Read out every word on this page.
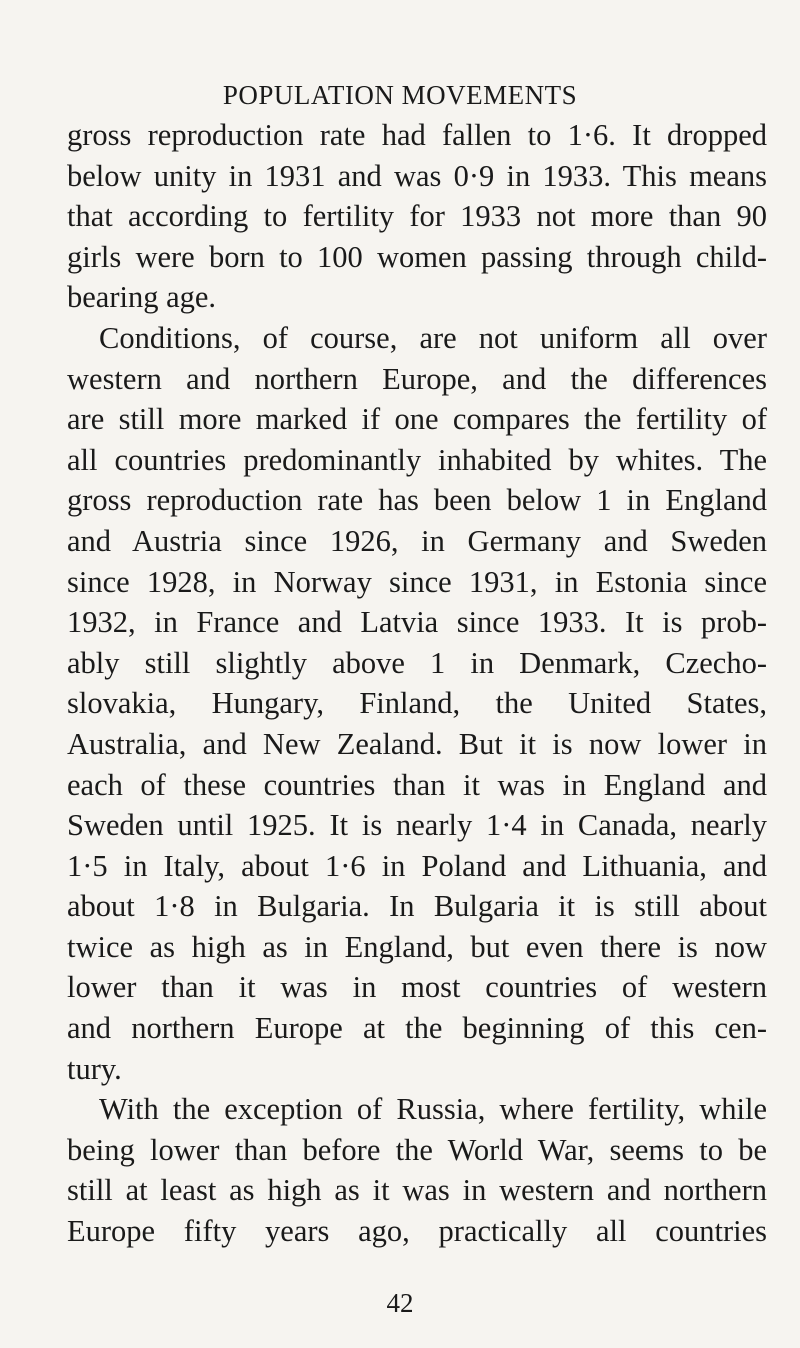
POPULATION MOVEMENTS
gross reproduction rate had fallen to 1·6. It dropped
below unity in 1931 and was 0·9 in 1933. This means
that according to fertility for 1933 not more than 90
girls were born to 100 women passing through child-
bearing age.
Conditions, of course, are not uniform all over
western and northern Europe, and the differences
are still more marked if one compares the fertility of
all countries predominantly inhabited by whites. The
gross reproduction rate has been below 1 in England
and Austria since 1926, in Germany and Sweden
since 1928, in Norway since 1931, in Estonia since
1932, in France and Latvia since 1933. It is prob-
ably still slightly above 1 in Denmark, Czecho-
slovakia, Hungary, Finland, the United States,
Australia, and New Zealand. But it is now lower in
each of these countries than it was in England and
Sweden until 1925. It is nearly 1·4 in Canada, nearly
1·5 in Italy, about 1·6 in Poland and Lithuania, and
about 1·8 in Bulgaria. In Bulgaria it is still about
twice as high as in England, but even there is now
lower than it was in most countries of western
and northern Europe at the beginning of this cen-
tury.
With the exception of Russia, where fertility, while
being lower than before the World War, seems to be
still at least as high as it was in western and northern
Europe fifty years ago, practically all countries
42
